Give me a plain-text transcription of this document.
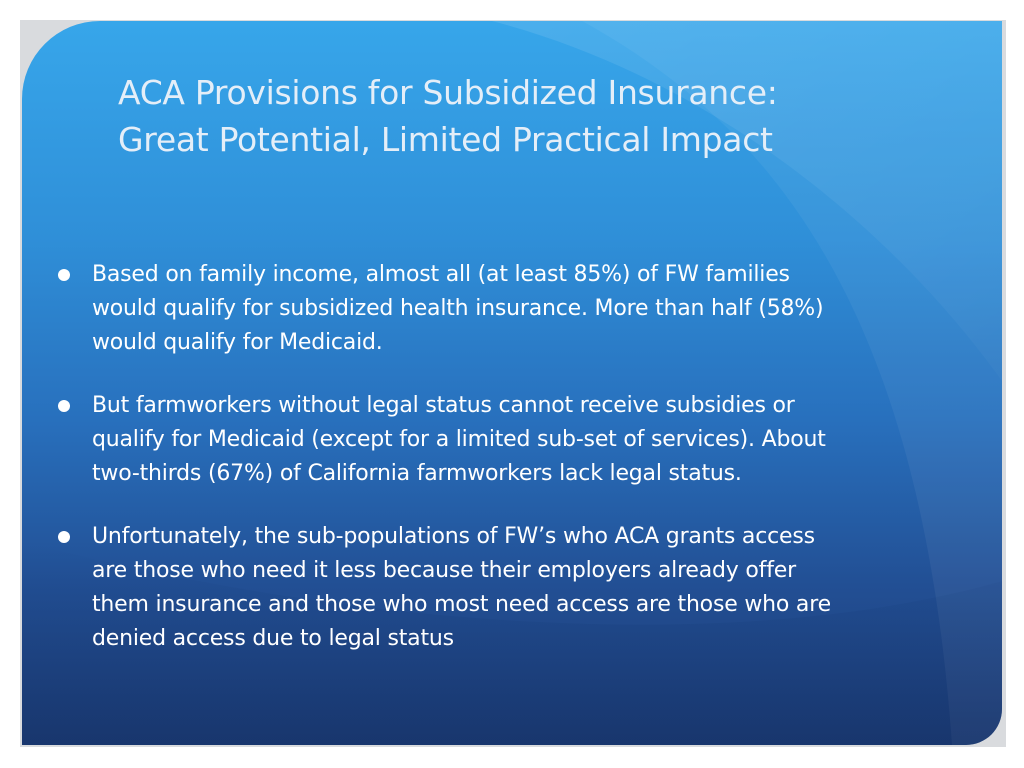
ACA Provisions for Subsidized Insurance:
Great Potential, Limited Practical Impact
Based on family income, almost all (at least 85%) of FW families
would qualify for subsidized health insurance. More than half (58%)
would qualify for Medicaid.
But farmworkers without legal status cannot receive subsidies or
qualify for Medicaid (except for a limited sub-set of services). About
two-thirds (67%) of California farmworkers lack legal status.
Unfortunately, the sub-populations of FW’s who ACA grants access
are those who need it less because their employers already offer
them insurance and those who most need access are those who are
denied access due to legal status
